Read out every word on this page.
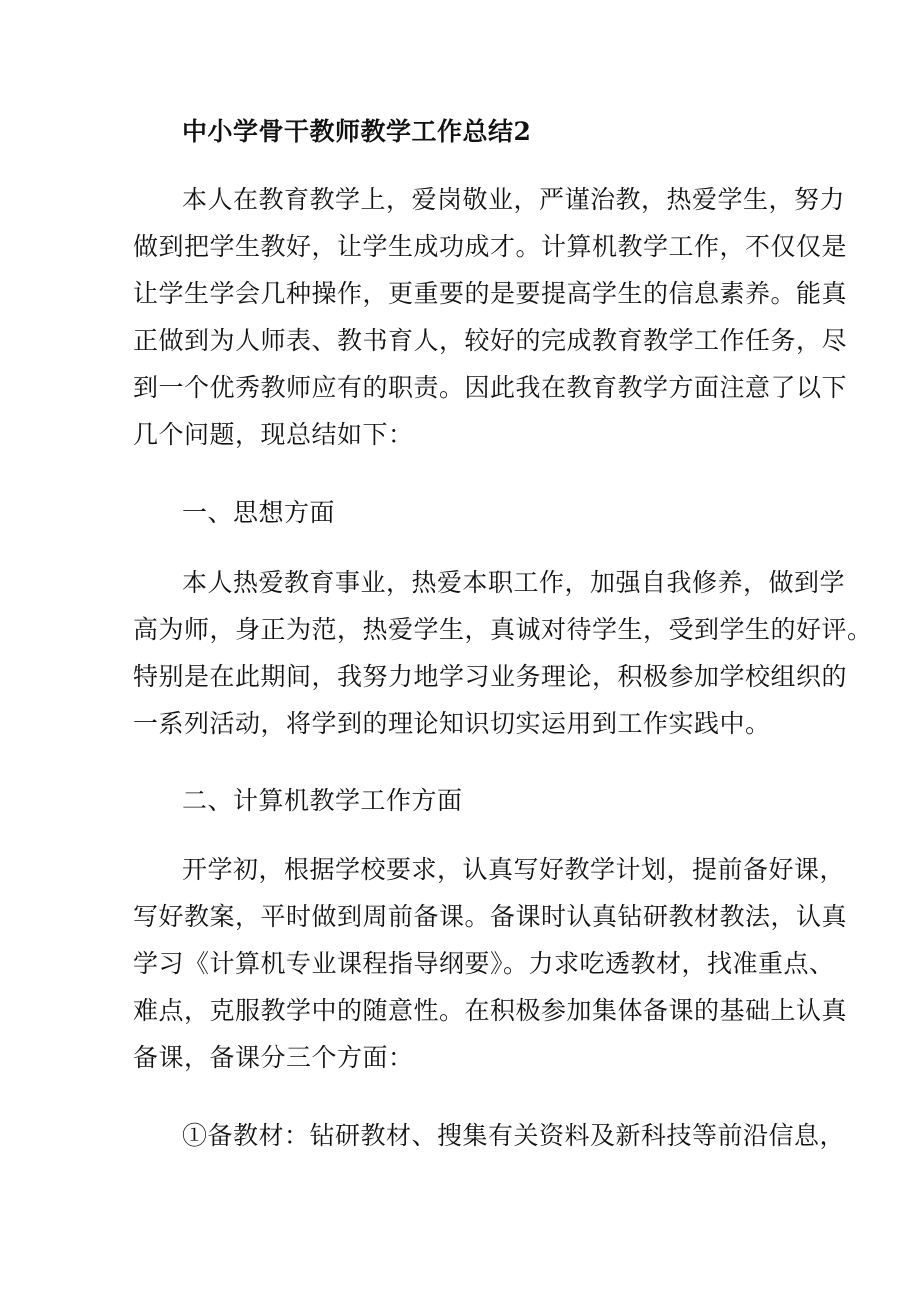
中小学骨干教师教学工作总结2
本人在教育教学上，爱岗敬业，严谨治教，热爱学生，努力
做到把学生教好，让学生成功成才。计算机教学工作，不仅仅是
让学生学会几种操作，更重要的是要提高学生的信息素养。能真
正做到为人师表、教书育人，较好的完成教育教学工作任务，尽
到一个优秀教师应有的职责。因此我在教育教学方面注意了以下
几个问题，现总结如下：
一、思想方面
本人热爱教育事业，热爱本职工作，加强自我修养，做到学
高为师，身正为范，热爱学生，真诚对待学生，受到学生的好评。
特别是在此期间，我努力地学习业务理论，积极参加学校组织的
一系列活动，将学到的理论知识切实运用到工作实践中。
二、计算机教学工作方面
开学初，根据学校要求，认真写好教学计划，提前备好课，
写好教案，平时做到周前备课。备课时认真钻研教材教法，认真
学习《计算机专业课程指导纲要》。力求吃透教材，找准重点、
难点，克服教学中的随意性。在积极参加集体备课的基础上认真
备课，备课分三个方面：
①备教材：钻研教材、搜集有关资料及新科技等前沿信息，
